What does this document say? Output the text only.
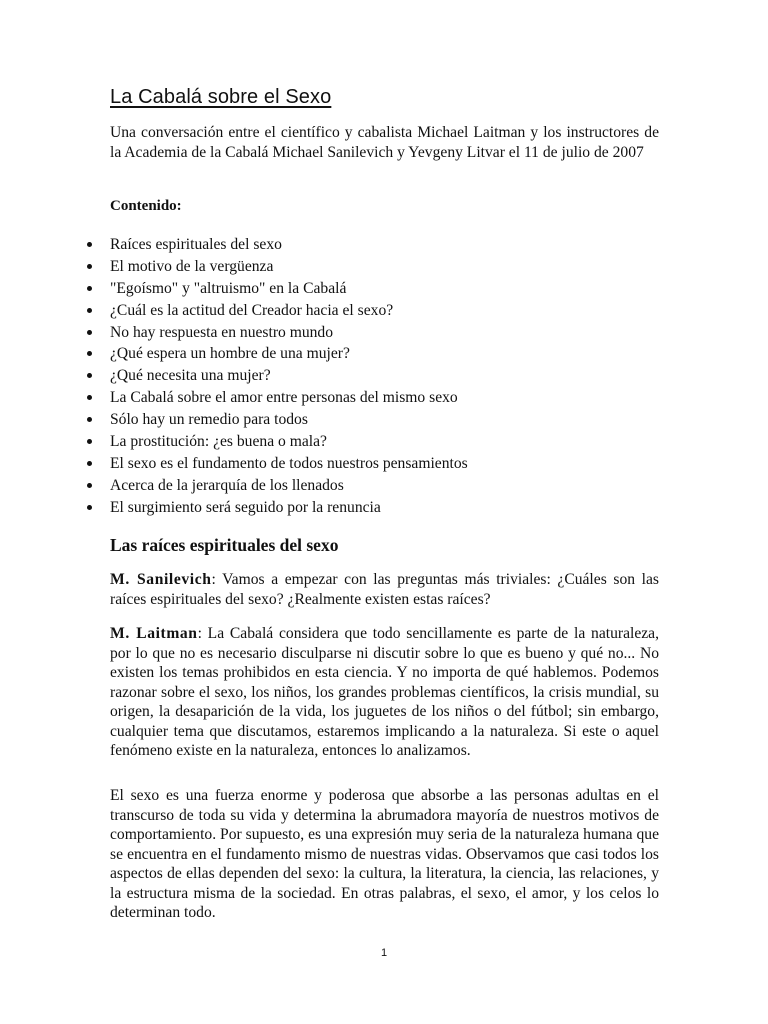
La Cabalá sobre el Sexo

Una conversación entre el científico y cabalista Michael Laitman y los instructores de la Academia de la Cabalá Michael Sanilevich y Yevgeny Litvar el 11 de julio de 2007

Contenido:

Raíces espirituales del sexo
El motivo de la vergüenza
"Egoísmo" y "altruismo" en la Cabalá
¿Cuál es la actitud del Creador hacia el sexo?
No hay respuesta en nuestro mundo
¿Qué espera un hombre de una mujer?
¿Qué necesita una mujer?
La Cabalá sobre el amor entre personas del mismo sexo
Sólo hay un remedio para todos
La prostitución: ¿es buena o mala?
El sexo es el fundamento de todos nuestros pensamientos
Acerca de la jerarquía de los llenados
El surgimiento será seguido por la renuncia
Las raíces espirituales del sexo

M. Sanilevich: Vamos a empezar con las preguntas más triviales: ¿Cuáles son las raíces espirituales del sexo? ¿Realmente existen estas raíces?

M. Laitman: La Cabalá considera que todo sencillamente es parte de la naturaleza, por lo que no es necesario disculparse ni discutir sobre lo que es bueno y qué no... No existen los temas prohibidos en esta ciencia. Y no importa de qué hablemos. Podemos razonar sobre el sexo, los niños, los grandes problemas científicos, la crisis mundial, su origen, la desaparición de la vida, los juguetes de los niños o del fútbol; sin embargo, cualquier tema que discutamos, estaremos implicando a la naturaleza. Si este o aquel fenómeno existe en la naturaleza, entonces lo analizamos.

El sexo es una fuerza enorme y poderosa que absorbe a las personas adultas en el transcurso de toda su vida y determina la abrumadora mayoría de nuestros motivos de comportamiento. Por supuesto, es una expresión muy seria de la naturaleza humana que se encuentra en el fundamento mismo de nuestras vidas. Observamos que casi todos los aspectos de ellas dependen del sexo: la cultura, la literatura, la ciencia, las relaciones, y la estructura misma de la sociedad. En otras palabras, el sexo, el amor, y los celos lo determinan todo.

1
